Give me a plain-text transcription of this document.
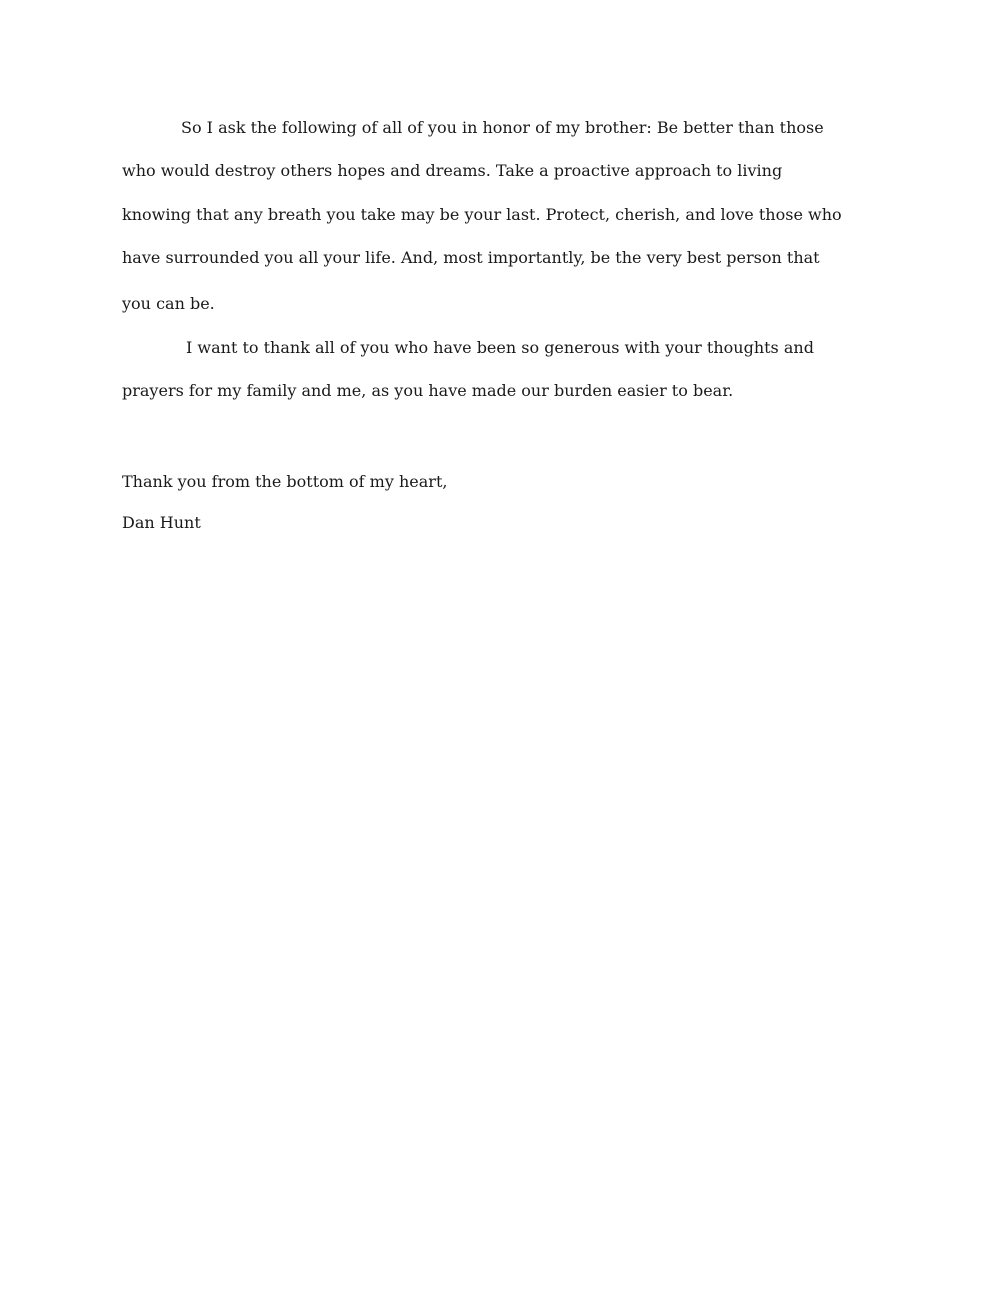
So I ask the following of all of you in honor of my brother: Be better than those
who would destroy others hopes and dreams. Take a proactive approach to living
knowing that any breath you take may be your last. Protect, cherish, and love those who
have surrounded you all your life. And, most importantly, be the very best person that
you can be.
I want to thank all of you who have been so generous with your thoughts and
prayers for my family and me, as you have made our burden easier to bear.
Thank you from the bottom of my heart,
Dan Hunt
